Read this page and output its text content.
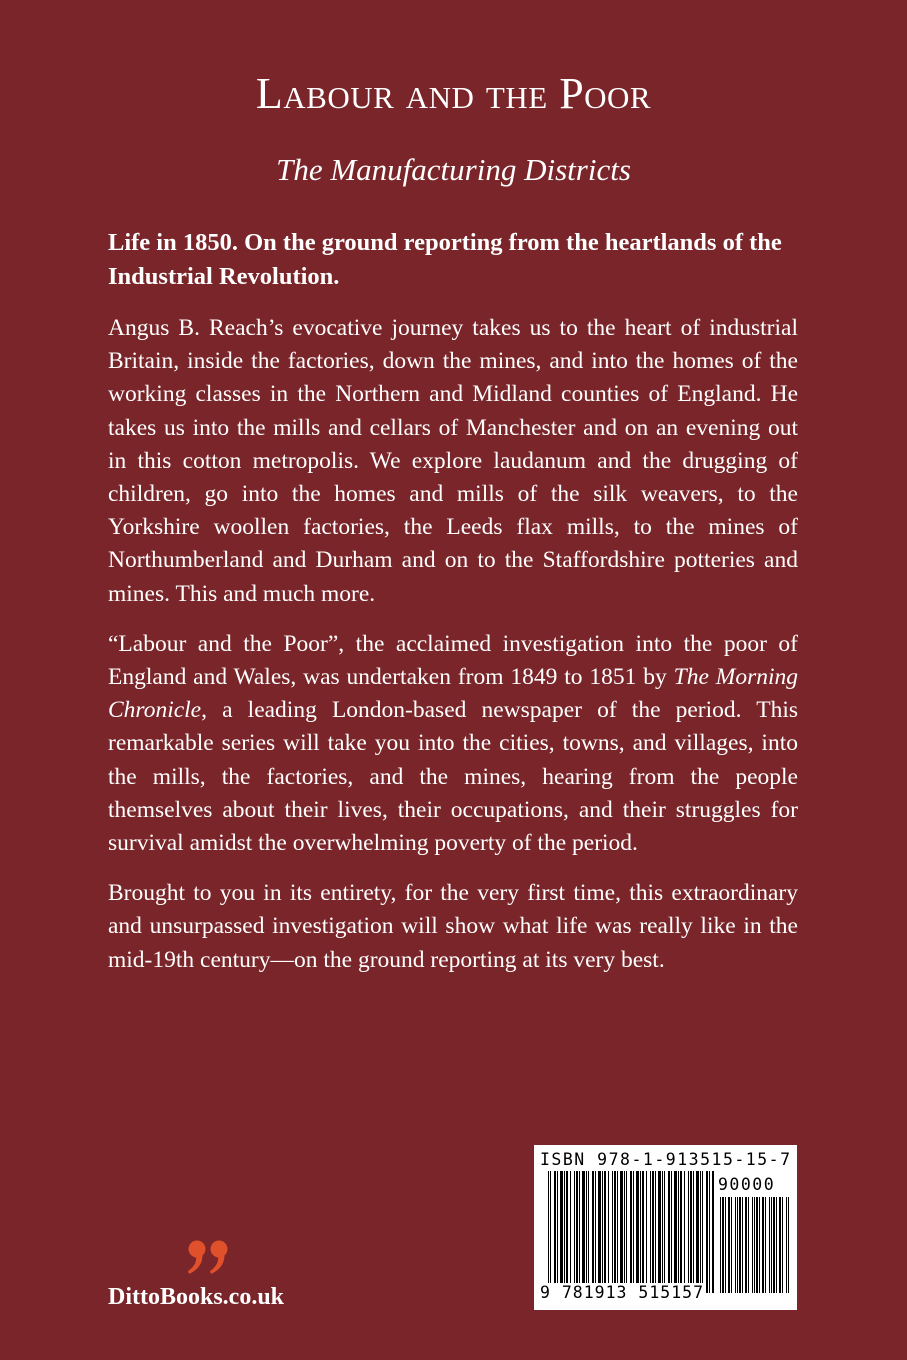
Labour and the Poor
The Manufacturing Districts

Life in 1850. On the ground reporting from the heartlands of the Industrial Revolution.

Angus B. Reach’s evocative journey takes us to the heart of industrial Britain, inside the factories, down the mines, and into the homes of the working classes in the Northern and Midland counties of England. He takes us into the mills and cellars of Manchester and on an evening out in this cotton metropolis. We explore laudanum and the drugging of children, go into the homes and mills of the silk weavers, to the Yorkshire woollen factories, the Leeds flax mills, to the mines of Northumberland and Durham and on to the Staffordshire potteries and mines. This and much more.

“Labour and the Poor”, the acclaimed investigation into the poor of England and Wales, was undertaken from 1849 to 1851 by The Morning Chronicle, a leading London-based newspaper of the period. This remarkable series will take you into the cities, towns, and villages, into the mills, the factories, and the mines, hearing from the people themselves about their lives, their occupations, and their struggles for survival amidst the overwhelming poverty of the period.

Brought to you in its entirety, for the very first time, this extraordinary and unsurpassed investigation will show what life was really like in the mid-19th century—on the ground reporting at its very best.

DittoBooks.co.uk
ISBN 978-1-913515-15-7
90000
9 781913 515157
